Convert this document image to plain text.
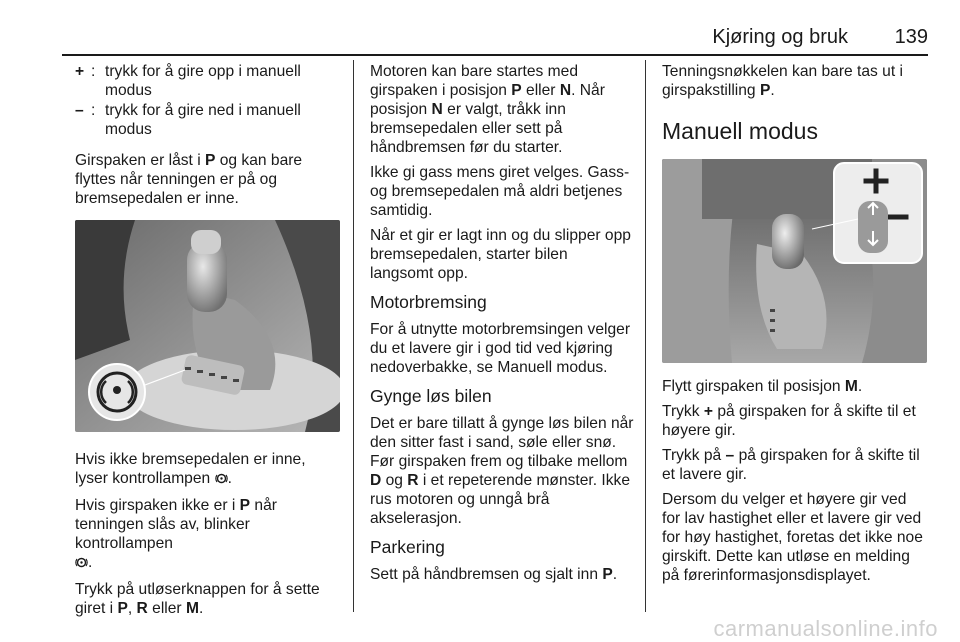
Kjøring og bruk 139
+ : trykk for å gire opp i manuell modus
– : trykk for å gire ned i manuell modus

Girspaken er låst i P og kan bare flyttes når tenningen er på og bremsepedalen er inne.

Hvis ikke bremsepedalen er inne, lyser kontrollampen .

Hvis girspaken ikke er i P når tenningen slås av, blinker kontrollampen
.

Trykk på utløserknappen for å sette giret i P, R eller M.

Motoren kan bare startes med girspaken i posisjon P eller N. Når posisjon N er valgt, tråkk inn bremsepedalen eller sett på håndbremsen før du starter.

Ikke gi gass mens giret velges. Gass- og bremsepedalen må aldri betjenes samtidig.

Når et gir er lagt inn og du slipper opp bremsepedalen, starter bilen langsomt opp.

Motorbremsing

For å utnytte motorbremsingen velger du et lavere gir i god tid ved kjøring nedoverbakke, se Manuell modus.

Gynge løs bilen

Det er bare tillatt å gynge løs bilen når den sitter fast i sand, søle eller snø. Før girspaken frem og tilbake mellom D og R i et repeterende mønster. Ikke rus motoren og unngå brå akselerasjon.

Parkering

Sett på håndbremsen og sjalt inn P.

Tenningsnøkkelen kan bare tas ut i girspakstilling P.

Manuell modus

Flytt girspaken til posisjon M.

Trykk + på girspaken for å skifte til et høyere gir.

Trykk på – på girspaken for å skifte til et lavere gir.

Dersom du velger et høyere gir ved for lav hastighet eller et lavere gir ved for høy hastighet, foretas det ikke noe girskift. Dette kan utløse en melding på førerinformasjonsdisplayet.

carmanualsonline.info
